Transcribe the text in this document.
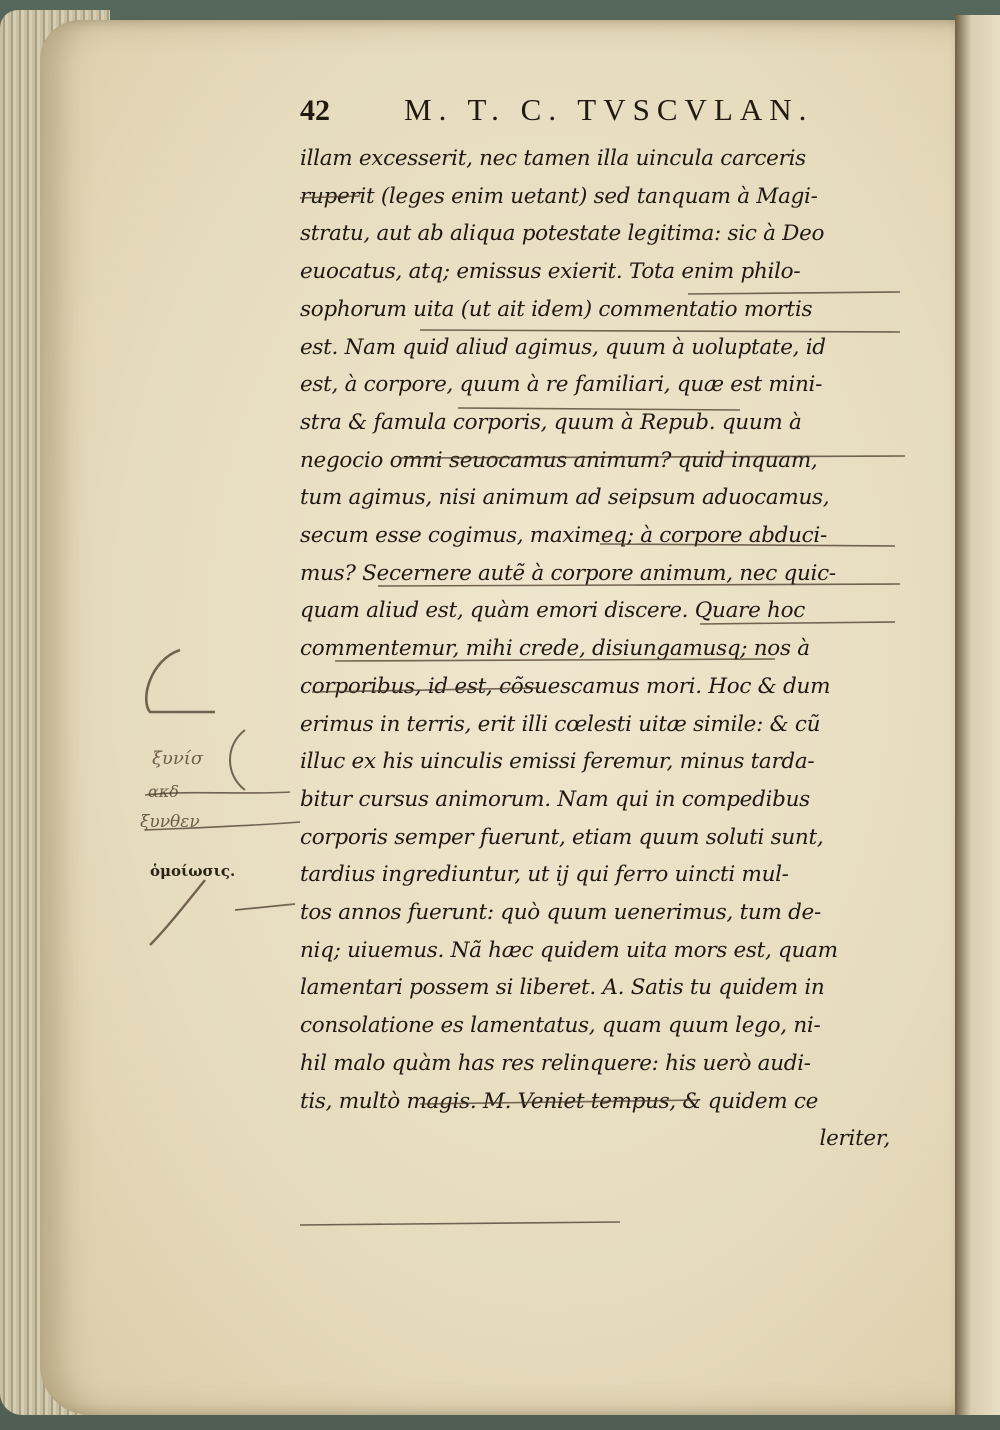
42	M. T. C. TVSCVLAN.
illam excesserit, nec tamen illa uincula carceris
ruperit (leges enim uetant) sed tanquam à Magi-
stratu, aut ab aliqua potestate legitima: sic à Deo
euocatus, atq; emissus exierit. Tota enim philo-
sophorum uita (ut ait idem) commentatio mortis
est. Nam quid aliud agimus, quum à uoluptate, id
est, à corpore, quum à re familiari, quæ est mini-
stra & famula corporis, quum à Repub. quum à
negocio omni seuocamus animum? quid inquam,
tum agimus, nisi animum ad seipsum aduocamus,
secum esse cogimus, maximeq; à corpore abduci-
mus? Secernere autẽ à corpore animum, nec quic-
quam aliud est, quàm emori discere. Quare hoc
commentemur, mihi crede, disiungamusq; nos à
corporibus, id est, cõsuescamus mori. Hoc & dum
erimus in terris, erit illi cœlesti uitæ simile: & cũ
illuc ex his uinculis emissi feremur, minus tarda-
bitur cursus animorum. Nam qui in compedibus
corporis semper fuerunt, etiam quum soluti sunt,
tardius ingrediuntur, ut ij qui ferro uincti mul-
tos annos fuerunt: quò quum uenerimus, tum de-
niq; uiuemus. Nã hæc quidem uita mors est, quam
lamentari possem si liberet. A. Satis tu quidem in
consolatione es lamentatus, quam quum lego, ni-
hil malo quàm has res relinquere: his uerò audi-
tis, multò magis. M. Veniet tempus, & quidem ce
leriter,
ὁμοίωσις.
ξυνίσ
ακδ
ξυνθεν
